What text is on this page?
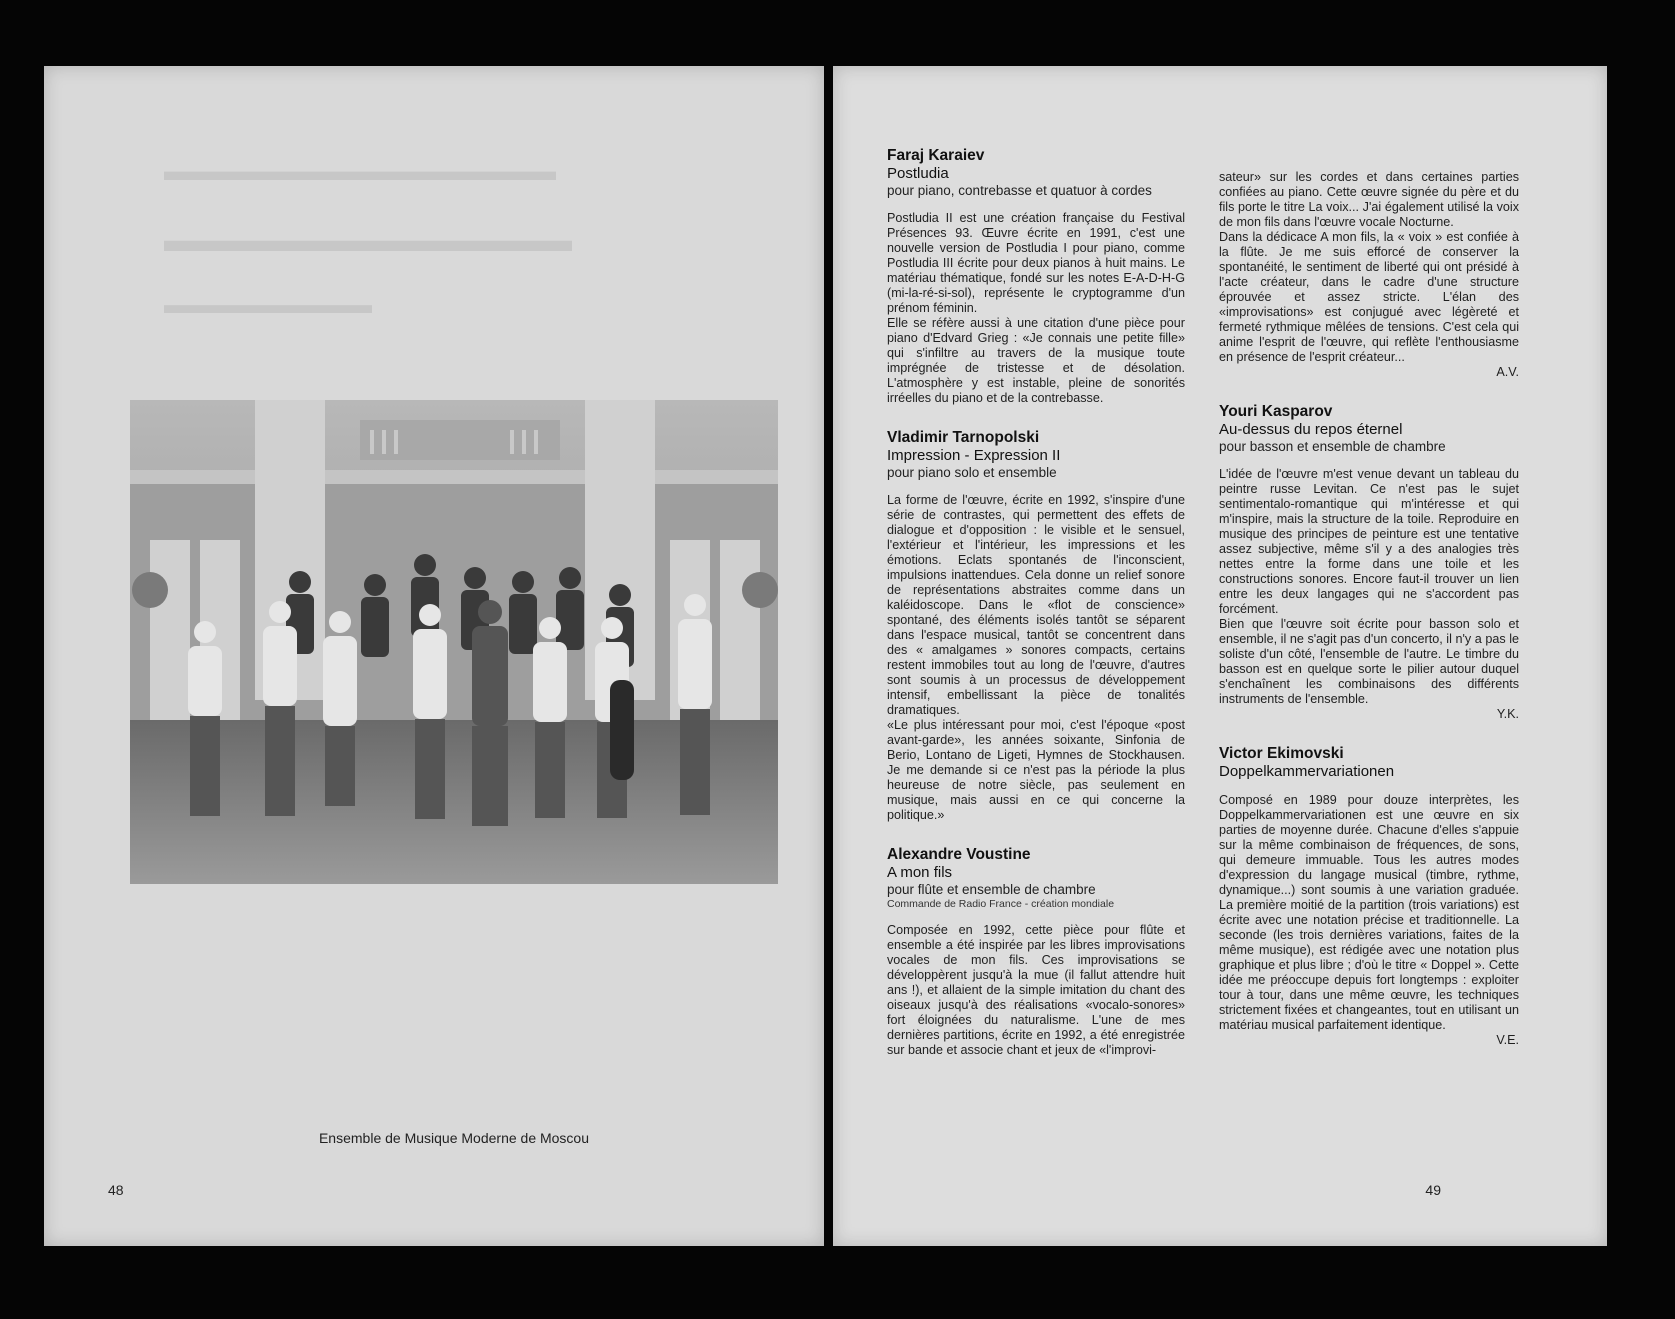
▬▬▬▬▬▬▬▬▬▬▬▬▬▬
▬▬▬▬▬▬▬▬▬▬▬▬
▬▬▬▬▬▬▬▬
Ensemble de Musique Moderne de Moscou
48
Faraj Karaiev
Postludia
pour piano, contrebasse et quatuor à cordes

Postludia II est une création française du Festival Présences 93. Œuvre écrite en 1991, c'est une nouvelle version de Postludia I pour piano, comme Postludia III écrite pour deux pianos à huit mains. Le matériau thématique, fondé sur les notes E-A-D-H-G (mi-la-ré-si-sol), représente le cryptogramme d'un prénom féminin.

Elle se réfère aussi à une citation d'une pièce pour piano d'Edvard Grieg : «Je connais une petite fille» qui s'infiltre au travers de la musique toute imprégnée de tristesse et de désolation. L'atmosphère y est instable, pleine de sonorités irréelles du piano et de la contrebasse.

Vladimir Tarnopolski
Impression - Expression II
pour piano solo et ensemble

La forme de l'œuvre, écrite en 1992, s'inspire d'une série de contrastes, qui permettent des effets de dialogue et d'opposition : le visible et le sensuel, l'extérieur et l'intérieur, les impressions et les émotions. Eclats spontanés de l'inconscient, impulsions inattendues. Cela donne un relief sonore de représentations abstraites comme dans un kaléidoscope. Dans le «flot de conscience» spontané, des éléments isolés tantôt se séparent dans l'espace musical, tantôt se concentrent dans des « amalgames » sonores compacts, certains restent immobiles tout au long de l'œuvre, d'autres sont soumis à un processus de développement intensif, embellissant la pièce de tonalités dramatiques.

«Le plus intéressant pour moi, c'est l'époque «post avant-garde», les années soixante, Sinfonia de Berio, Lontano de Ligeti, Hymnes de Stockhausen. Je me demande si ce n'est pas la période la plus heureuse de notre siècle, pas seulement en musique, mais aussi en ce qui concerne la politique.»

Alexandre Voustine
A mon fils
pour flûte et ensemble de chambre
Commande de Radio France - création mondiale

Composée en 1992, cette pièce pour flûte et ensemble a été inspirée par les libres improvisations vocales de mon fils. Ces improvisations se développèrent jusqu'à la mue (il fallut attendre huit ans !), et allaient de la simple imitation du chant des oiseaux jusqu'à des réalisations «vocalo-sonores» fort éloignées du naturalisme. L'une de mes dernières partitions, écrite en 1992, a été enregistrée sur bande et associe chant et jeux de «l'improvi-

sateur» sur les cordes et dans certaines parties confiées au piano. Cette œuvre signée du père et du fils porte le titre La voix... J'ai également utilisé la voix de mon fils dans l'œuvre vocale Nocturne.

Dans la dédicace A mon fils, la « voix » est confiée à la flûte. Je me suis efforcé de conserver la spontanéité, le sentiment de liberté qui ont présidé à l'acte créateur, dans le cadre d'une structure éprouvée et assez stricte. L'élan des «improvisations» est conjugué avec légèreté et fermeté rythmique mêlées de tensions. C'est cela qui anime l'esprit de l'œuvre, qui reflète l'enthousiasme en présence de l'esprit créateur...

A.V.
Youri Kasparov
Au-dessus du repos éternel
pour basson et ensemble de chambre

L'idée de l'œuvre m'est venue devant un tableau du peintre russe Levitan. Ce n'est pas le sujet sentimentalo-romantique qui m'intéresse et qui m'inspire, mais la structure de la toile. Reproduire en musique des principes de peinture est une tentative assez subjective, même s'il y a des analogies très nettes entre la forme dans une toile et les constructions sonores. Encore faut-il trouver un lien entre les deux langages qui ne s'accordent pas forcément.

Bien que l'œuvre soit écrite pour basson solo et ensemble, il ne s'agit pas d'un concerto, il n'y a pas le soliste d'un côté, l'ensemble de l'autre. Le timbre du basson est en quelque sorte le pilier autour duquel s'enchaînent les combinaisons des différents instruments de l'ensemble.

Y.K.
Victor Ekimovski
Doppelkammervariationen

Composé en 1989 pour douze interprètes, les Doppelkammervariationen est une œuvre en six parties de moyenne durée. Chacune d'elles s'appuie sur la même combinaison de fréquences, de sons, qui demeure immuable. Tous les autres modes d'expression du langage musical (timbre, rythme, dynamique...) sont soumis à une variation graduée. La première moitié de la partition (trois variations) est écrite avec une notation précise et traditionnelle. La seconde (les trois dernières variations, faites de la même musique), est rédigée avec une notation plus graphique et plus libre ; d'où le titre « Doppel ». Cette idée me préoccupe depuis fort longtemps : exploiter tour à tour, dans une même œuvre, les techniques strictement fixées et changeantes, tout en utilisant un matériau musical parfaitement identique.

V.E.
49
